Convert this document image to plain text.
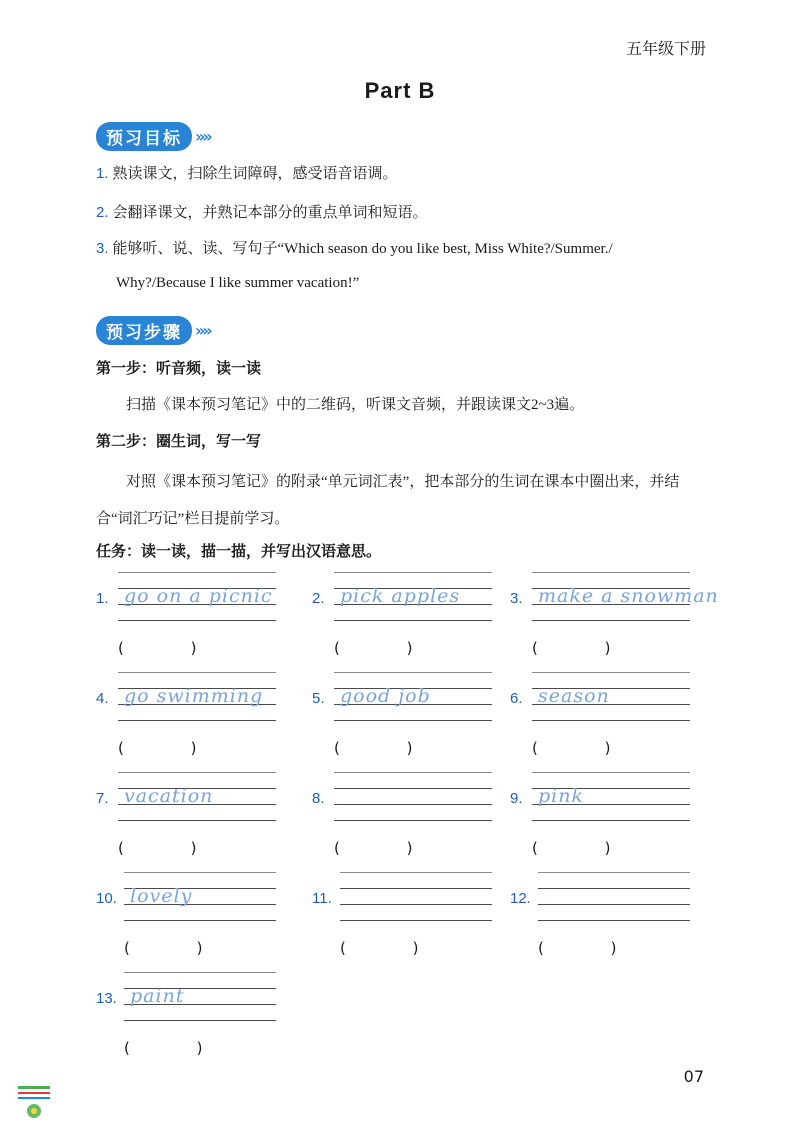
五年级下册
Part B
预习目标 »»
1. 熟读课文，扫除生词障碍，感受语音语调。
2. 会翻译课文，并熟记本部分的重点单词和短语。
3. 能够听、说、读、写句子“Which season do you like best, Miss White?/Summer./
Why?/Because I like summer vacation!”
预习步骤 »»
第一步：听音频，读一读
扫描《课本预习笔记》中的二维码，听课文音频，并跟读课文2~3遍。
第二步：圈生词，写一写
对照《课本预习笔记》的附录“单元词汇表”，把本部分的生词在课本中圈出来，并结合“词汇巧记”栏目提前学习。
任务：读一读，描一描，并写出汉语意思。
1. go on a picnic
(              )
2. pick apples
(              )
3. make a snowman
(              )
4. go swimming
(              )
5. good job
(              )
6. season
(              )
7. vacation
(              )
8.
(              )
9. pink
(              )
10. lovely
(              )
11.
(              )
12.
(              )
13. paint
(              )
07
